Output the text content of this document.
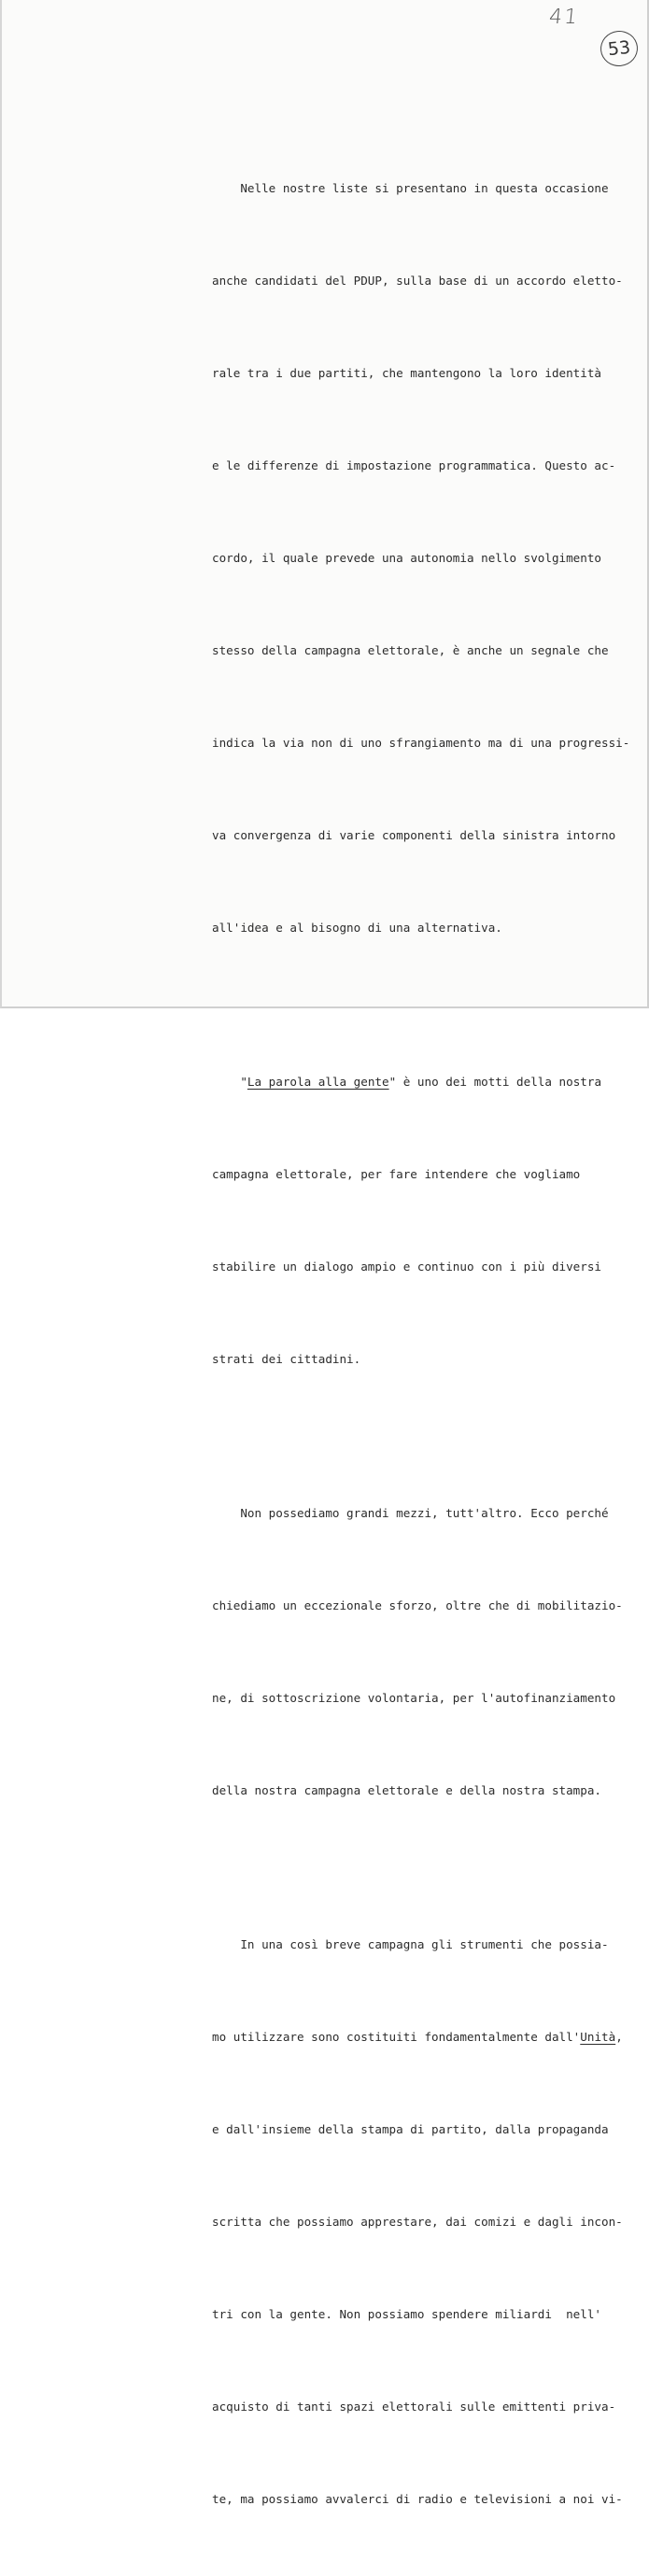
41
53

Nelle nostre liste si presentano in questa occasione

anche candidati del PDUP, sulla base di un accordo eletto-

rale tra i due partiti, che mantengono la loro identità

e le differenze di impostazione programmatica. Questo ac-

cordo, il quale prevede una autonomia nello svolgimento

stesso della campagna elettorale, è anche un segnale che

indica la via non di uno sfrangiamento ma di una progressi-

va convergenza di varie componenti della sinistra intorno

all'idea e al bisogno di una alternativa.

"La parola alla gente" è uno dei motti della nostra

campagna elettorale, per fare intendere che vogliamo

stabilire un dialogo ampio e continuo con i più diversi

strati dei cittadini.

Non possediamo grandi mezzi, tutt'altro. Ecco perché

chiediamo un eccezionale sforzo, oltre che di mobilitazio-

ne, di sottoscrizione volontaria, per l'autofinanziamento

della nostra campagna elettorale e della nostra stampa.

In una così breve campagna gli strumenti che possia-

mo utilizzare sono costituiti fondamentalmente dall'Unità,

e dall'insieme della stampa di partito, dalla propaganda

scritta che possiamo apprestare, dai comizi e dagli incon-

tri con la gente. Non possiamo spendere miliardi  nell'

acquisto di tanti spazi elettorali sulle emittenti priva-

te, ma possiamo avvalerci di radio e televisioni a noi vi-
